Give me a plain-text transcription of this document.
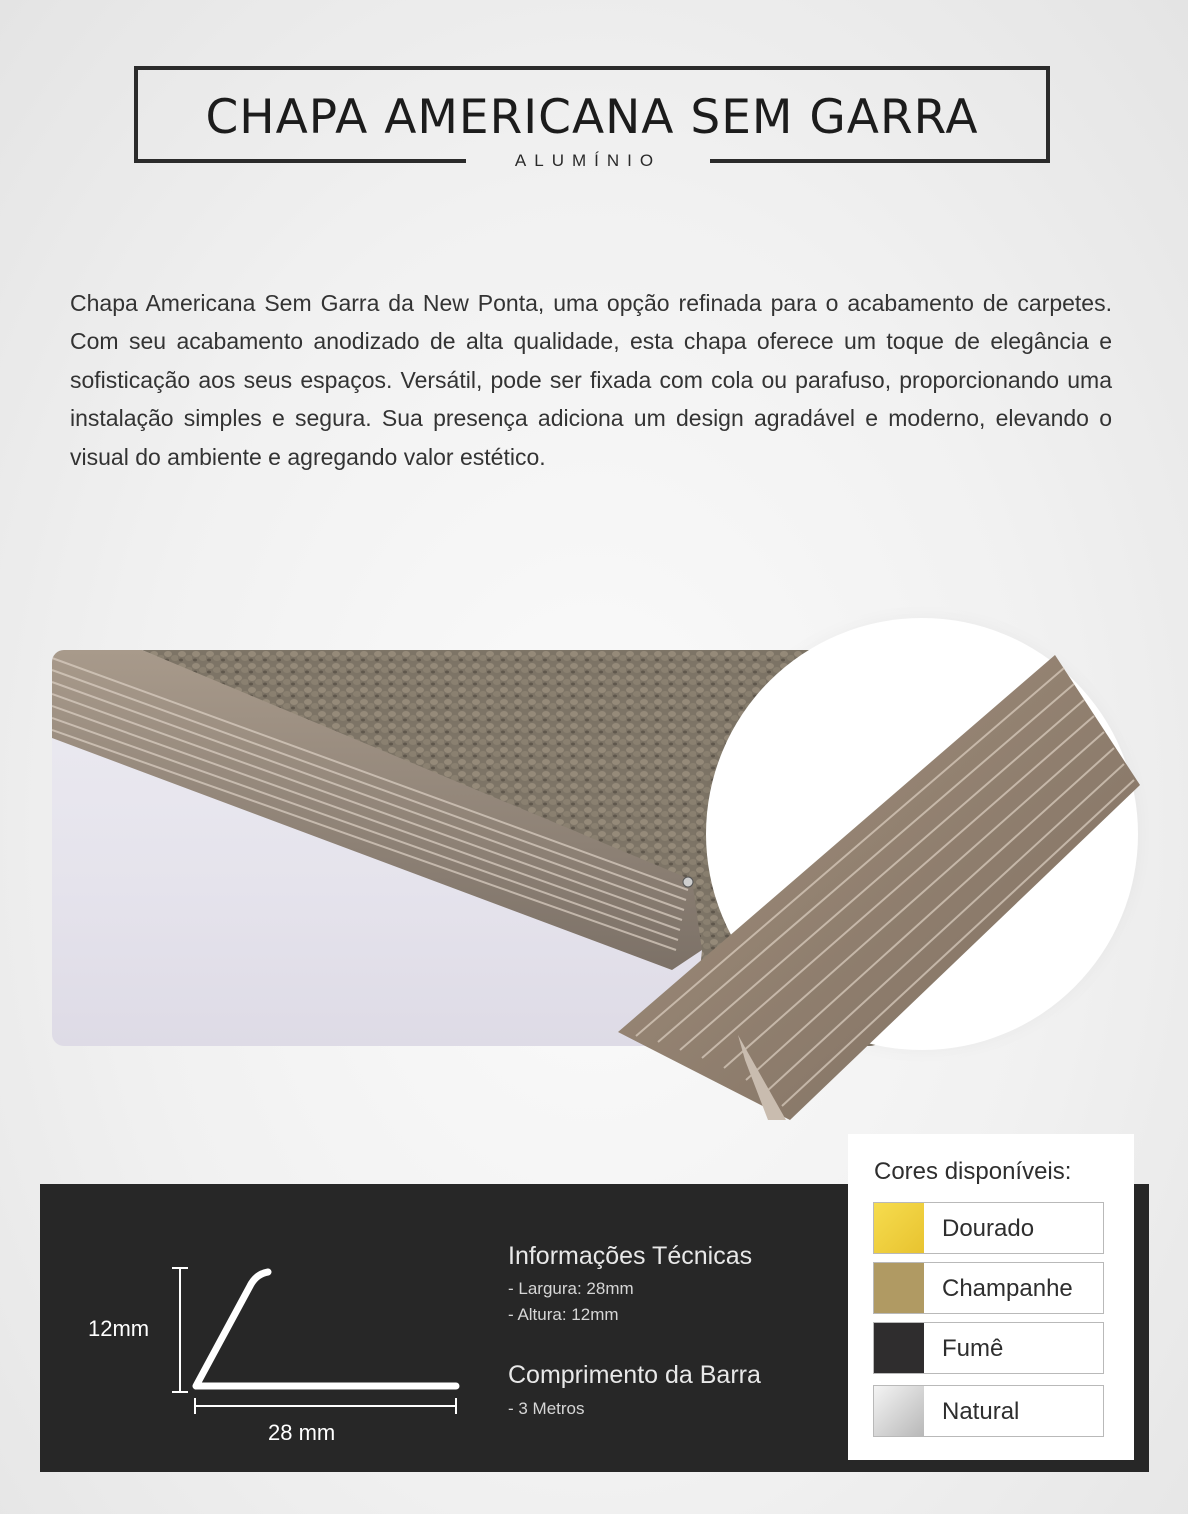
CHAPA AMERICANA SEM GARRA
ALUMÍNIO

Chapa Americana Sem Garra da New Ponta, uma opção refinada para o acabamento de carpetes. Com seu acabamento anodizado de alta qualidade, esta chapa oferece um toque de elegância e sofisticação aos seus espaços. Versátil, pode ser fixada com cola ou parafuso, proporcionando uma instalação simples e segura. Sua presença adiciona um design agradável e moderno, elevando o visual do ambiente e agregando valor estético.

12mm
28 mm
Informações Técnicas
- Largura: 28mm
- Altura: 12mm
Comprimento da Barra
- 3 Metros
Cores disponíveis:
Dourado
Champanhe
Fumê
Natural
